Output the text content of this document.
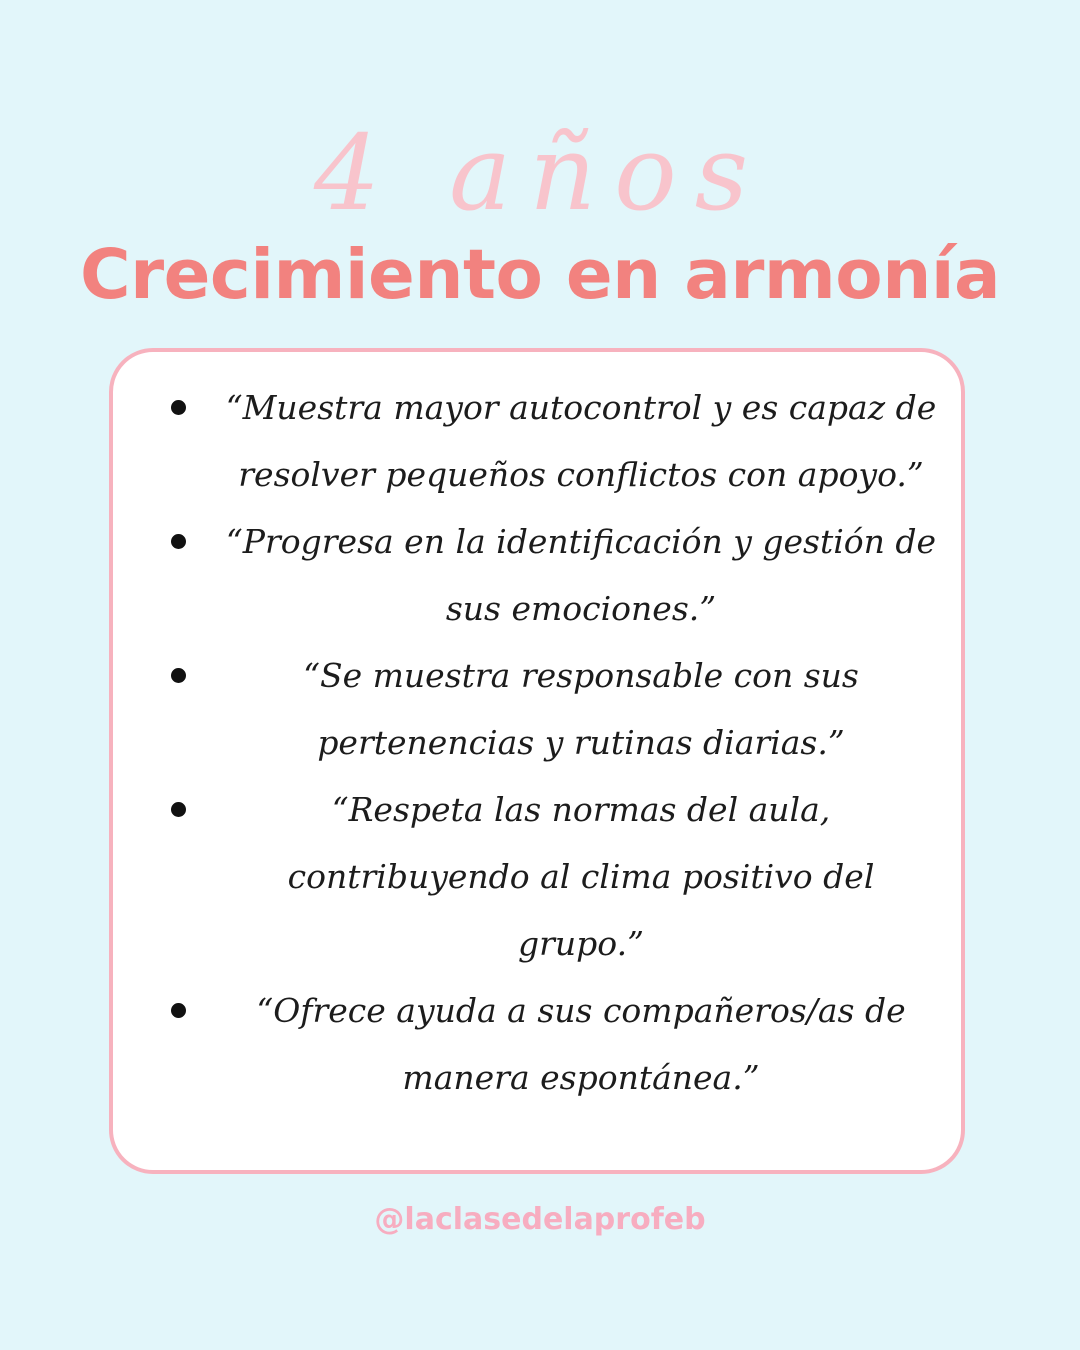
4 años
Crecimiento en armonía
“Muestra mayor autocontrol y es capaz de resolver pequeños conflictos con apoyo.”
“Progresa en la identificación y gestión de sus emociones.”
“Se muestra responsable con sus pertenencias y rutinas diarias.”
“Respeta las normas del aula, contribuyendo al clima positivo del grupo.”
“Ofrece ayuda a sus compañeros/as de manera espontánea.”
@laclasedelaprofeb
